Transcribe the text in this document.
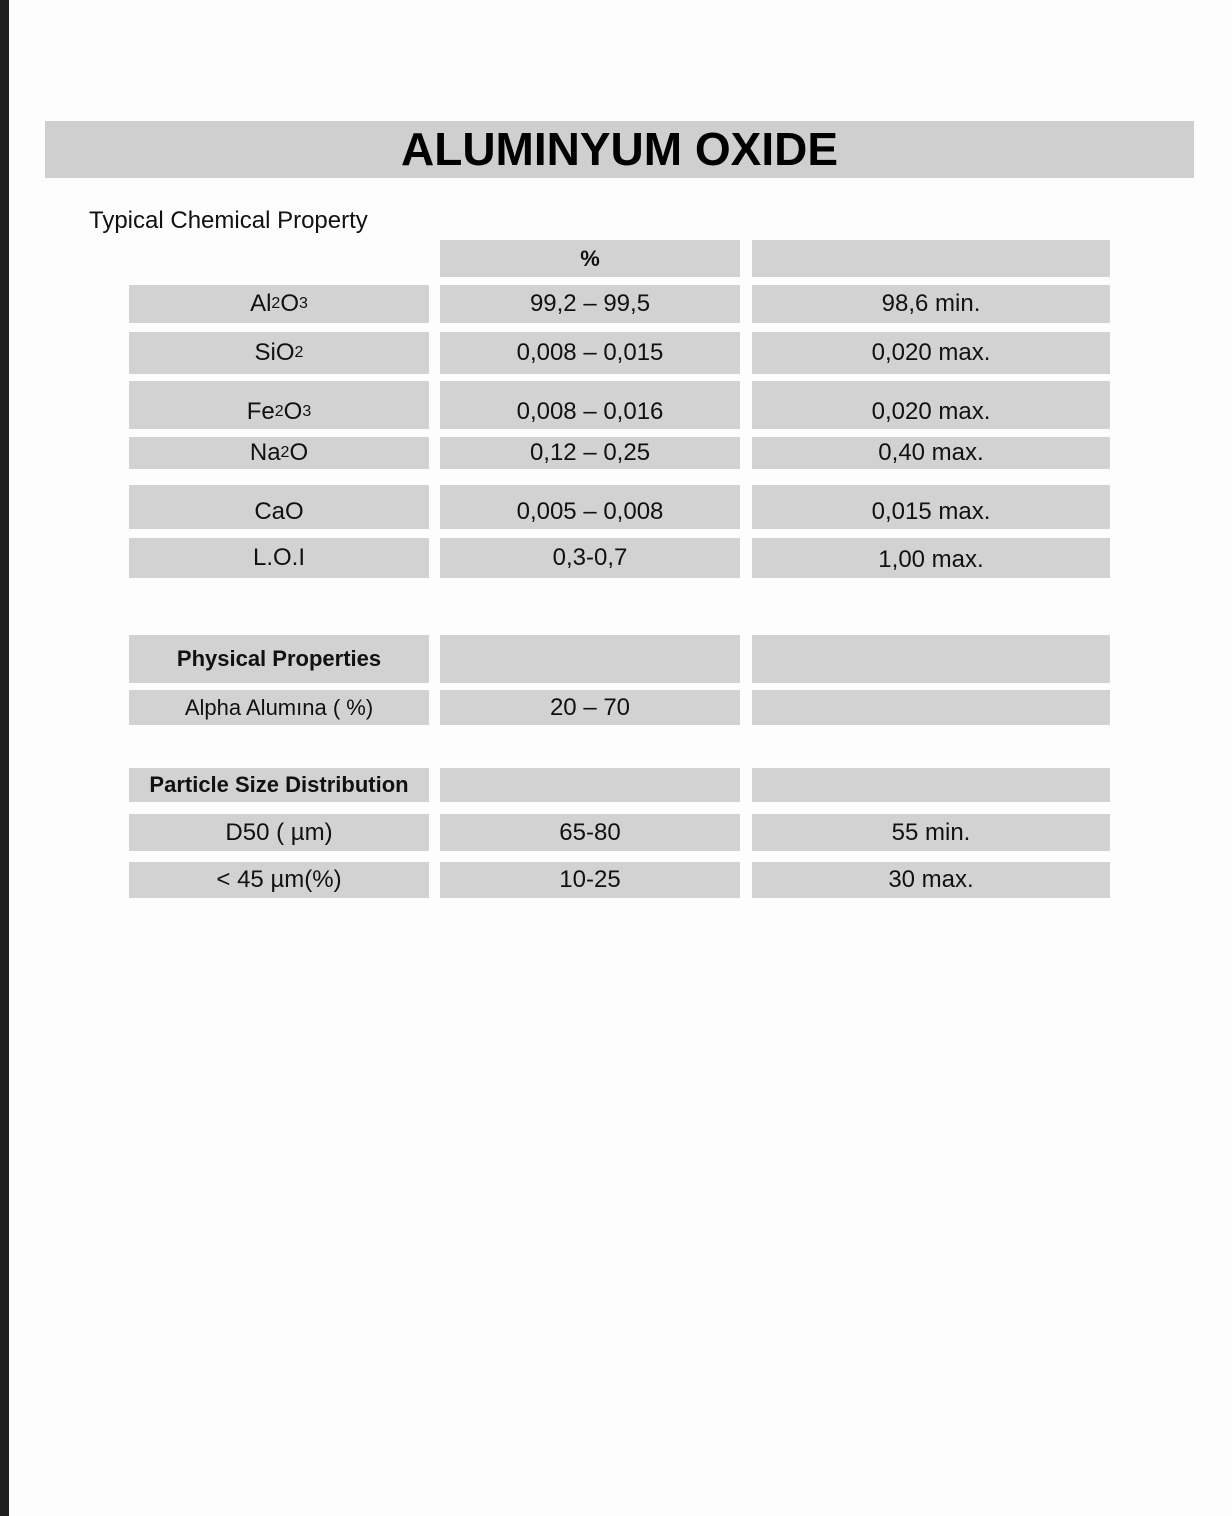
ALUMINYUM OXIDE
Typical Chemical Property
%
Al 2 O 3	99,2 – 99,5	98,6 min.
SiO 2	0,008 – 0,015	0,020 max.
Fe 2 O 3	0,008 – 0,016	0,020 max.
Na 2 O	0,12 – 0,25	0,40 max.
CaO	0,005 – 0,008	0,015 max.
L.O.I	0,3-0,7	1,00 max.
Physical Properties
Alpha Alumına ( %)	20 – 70
Particle Size Distribution
D50 ( µm)	65-80	55 min.
< 45 µm(%)	10-25	30 max.
